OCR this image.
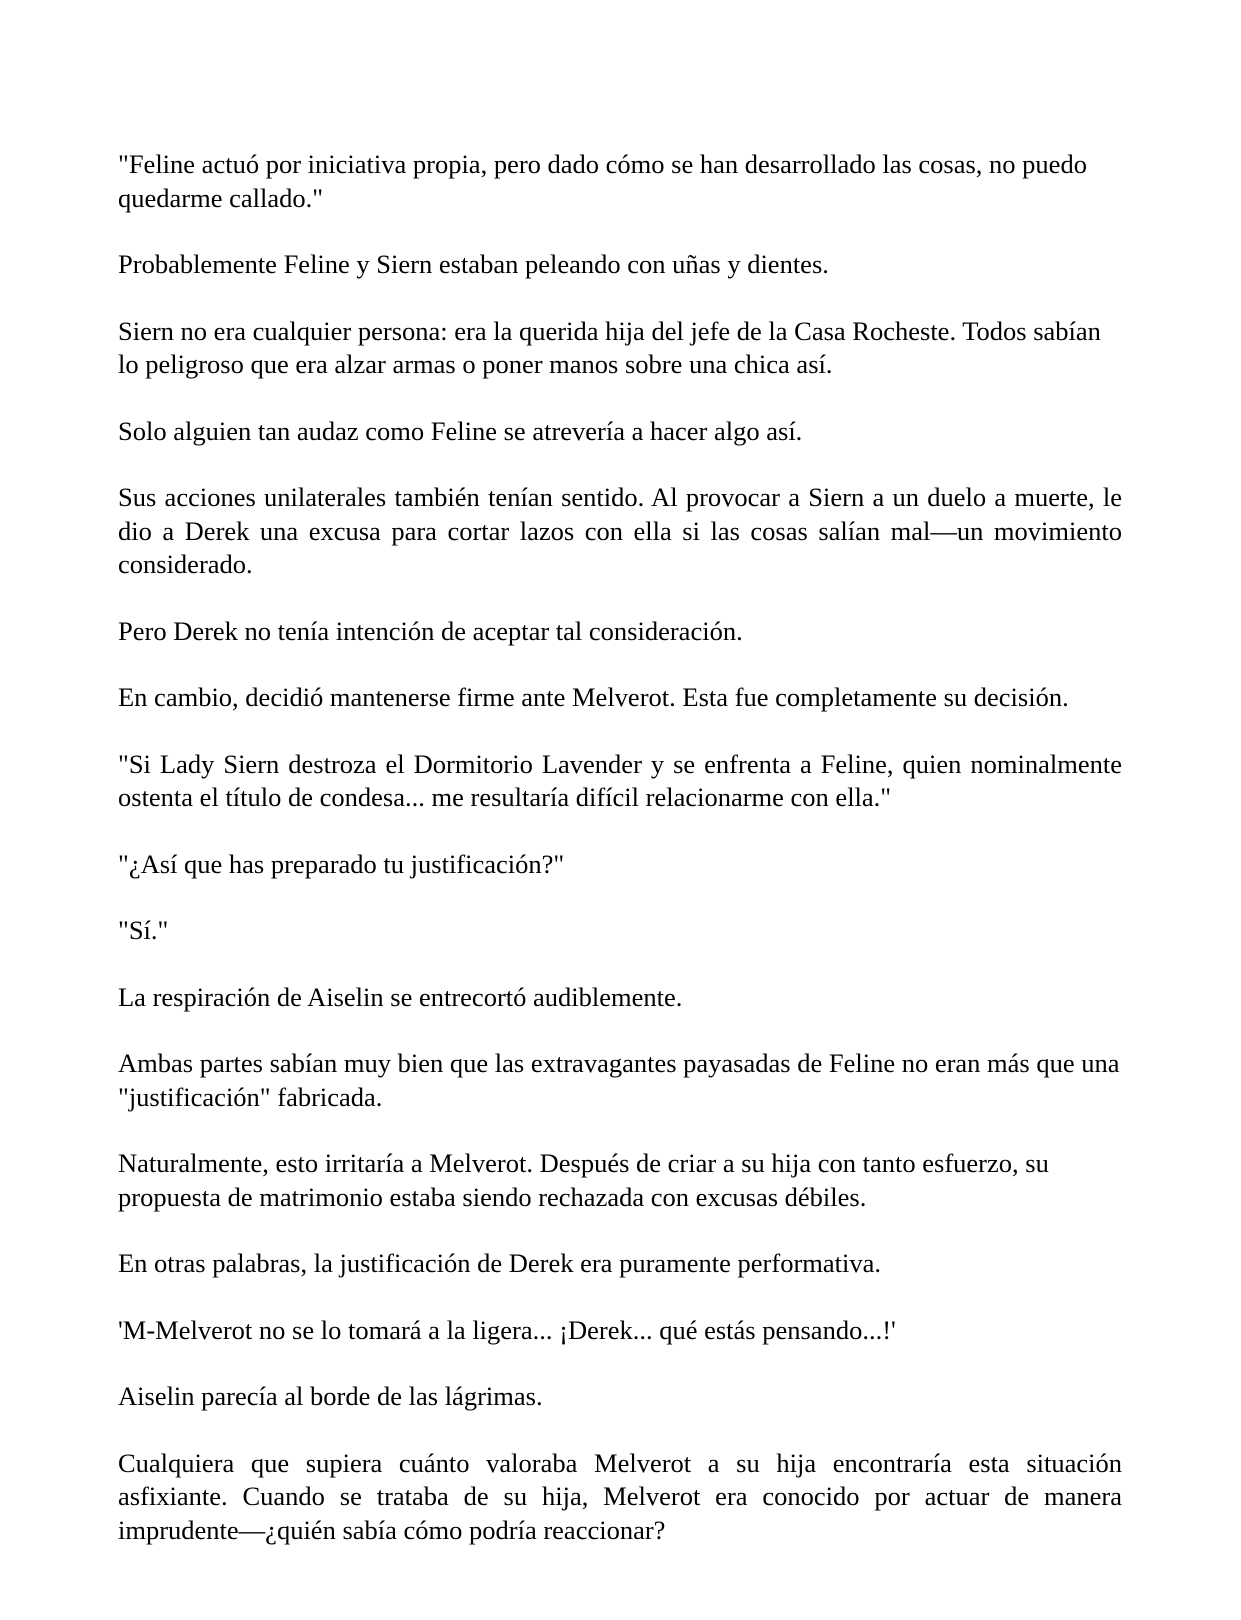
"Feline actuó por iniciativa propia, pero dado cómo se han desarrollado las cosas, no puedo quedarme callado."

Probablemente Feline y Siern estaban peleando con uñas y dientes.

Siern no era cualquier persona: era la querida hija del jefe de la Casa Rocheste. Todos sabían lo peligroso que era alzar armas o poner manos sobre una chica así.

Solo alguien tan audaz como Feline se atrevería a hacer algo así.

Sus acciones unilaterales también tenían sentido. Al provocar a Siern a un duelo a muerte, le dio a Derek una excusa para cortar lazos con ella si las cosas salían mal—un movimiento considerado.

Pero Derek no tenía intención de aceptar tal consideración.

En cambio, decidió mantenerse firme ante Melverot. Esta fue completamente su decisión.

"Si Lady Siern destroza el Dormitorio Lavender y se enfrenta a Feline, quien nominalmente ostenta el título de condesa... me resultaría difícil relacionarme con ella."

"¿Así que has preparado tu justificación?"

"Sí."

La respiración de Aiselin se entrecortó audiblemente.

Ambas partes sabían muy bien que las extravagantes payasadas de Feline no eran más que una "justificación" fabricada.

Naturalmente, esto irritaría a Melverot. Después de criar a su hija con tanto esfuerzo, su propuesta de matrimonio estaba siendo rechazada con excusas débiles.

En otras palabras, la justificación de Derek era puramente performativa.

'M-Melverot no se lo tomará a la ligera... ¡Derek... qué estás pensando...!'

Aiselin parecía al borde de las lágrimas.

Cualquiera que supiera cuánto valoraba Melverot a su hija encontraría esta situación asfixiante. Cuando se trataba de su hija, Melverot era conocido por actuar de manera imprudente—¿quién sabía cómo podría reaccionar?
